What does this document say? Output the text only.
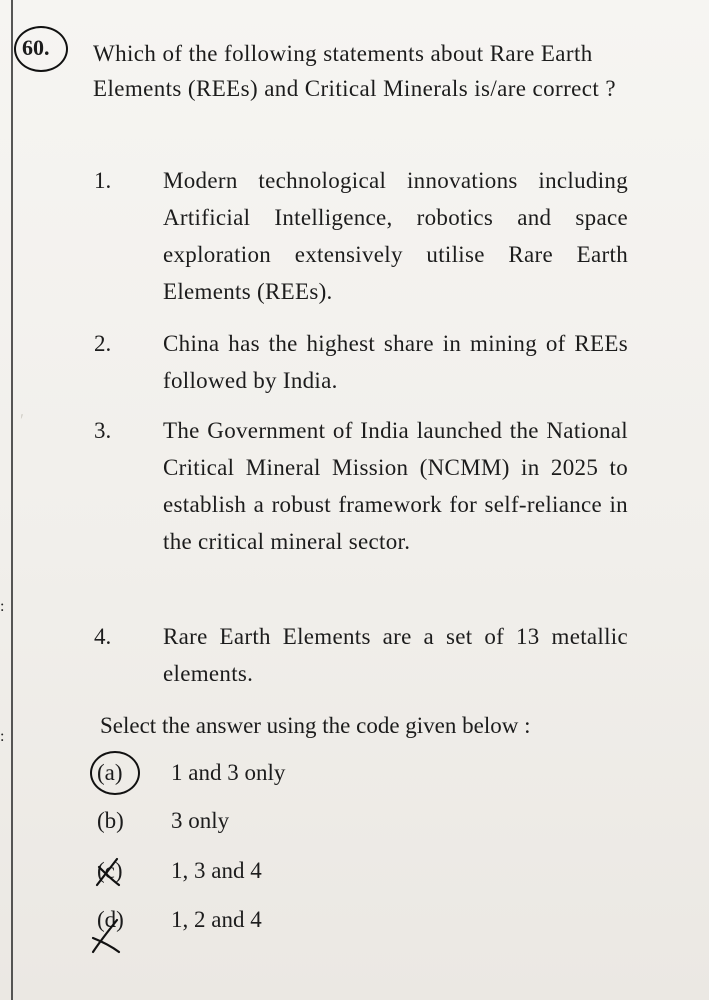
ʹ
:
:
60. Which of the following statements about Rare Earth Elements (REEs) and Critical Minerals is/are correct ?
1. Modern technological innovations including Artificial Intelligence, robotics and space exploration extensively utilise Rare Earth Elements (REEs).
2. China has the highest share in mining of REEs followed by India.
3. The Government of India launched the National Critical Mineral Mission (NCMM) in 2025 to establish a robust framework for self-reliance in the critical mineral sector.
4. Rare Earth Elements are a set of 13 metallic elements.
Select the answer using the code given below :
(a)	1 and 3 only
(b)	3 only
(c)	1, 3 and 4
(d)	1, 2 and 4
